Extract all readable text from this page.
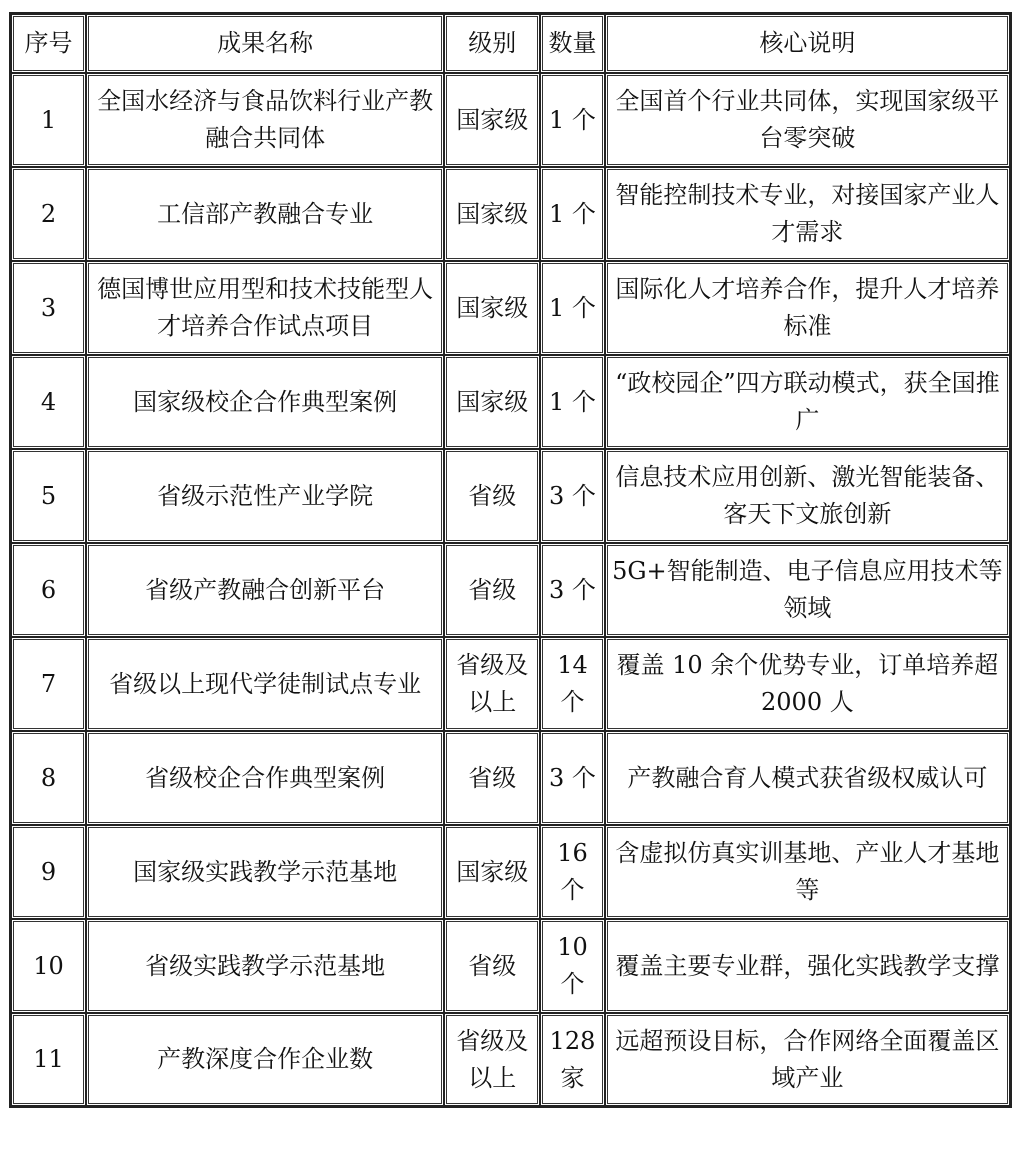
序号	成果名称	级别	数量	核心说明
1	全国水经济与食品饮料行业产教融合共同体	国家级	1 个	全国首个行业共同体，实现国家级平台零突破
2	工信部产教融合专业	国家级	1 个	智能控制技术专业，对接国家产业人才需求
3	德国博世应用型和技术技能型人才培养合作试点项目	国家级	1 个	国际化人才培养合作，提升人才培养标准
4	国家级校企合作典型案例	国家级	1 个	“政校园企”四方联动模式，获全国推广
5	省级示范性产业学院	省级	3 个	信息技术应用创新、激光智能装备、客天下文旅创新
6	省级产教融合创新平台	省级	3 个	5G+智能制造、电子信息应用技术等领域
7	省级以上现代学徒制试点专业	省级及以上	14 个	覆盖 10 余个优势专业，订单培养超 2000 人
8	省级校企合作典型案例	省级	3 个	产教融合育人模式获省级权威认可
9	国家级实践教学示范基地	国家级	16 个	含虚拟仿真实训基地、产业人才基地等
10	省级实践教学示范基地	省级	10 个	覆盖主要专业群，强化实践教学支撑
11	产教深度合作企业数	省级及以上	128 家	远超预设目标，合作网络全面覆盖区域产业
